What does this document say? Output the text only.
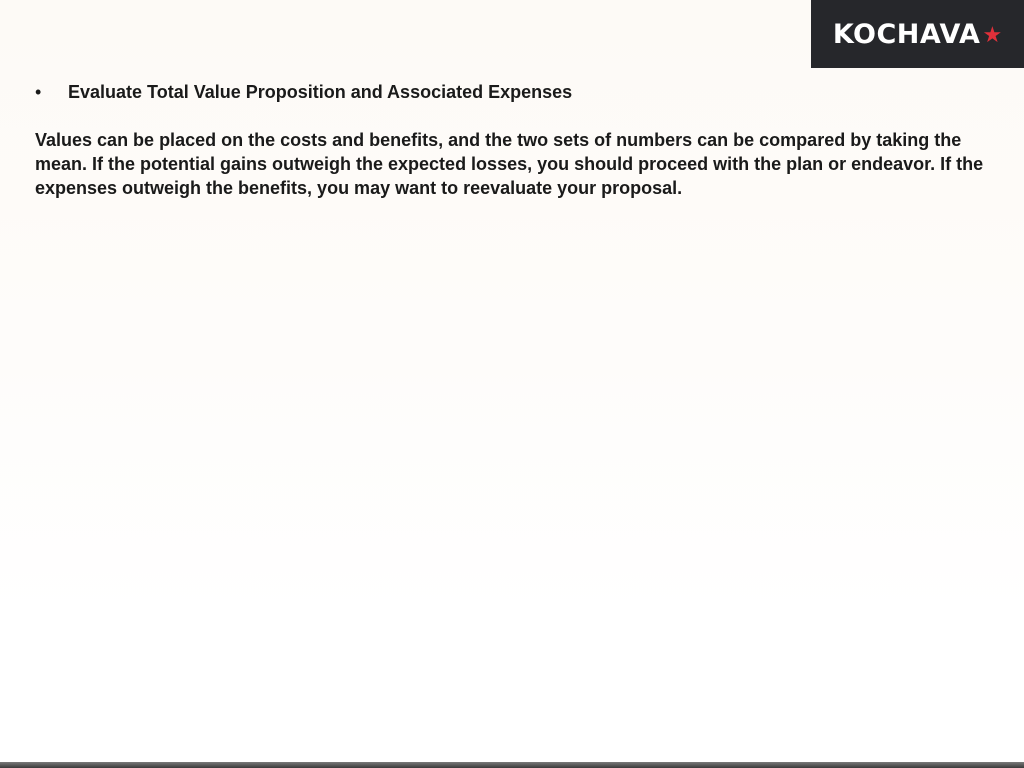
KOCHAVA ★
•	Evaluate Total Value Proposition and Associated Expenses
Values can be placed on the costs and benefits, and the two sets of numbers can be compared by taking the mean. If the potential gains outweigh the expected losses, you should proceed with the plan or endeavor. If the expenses outweigh the benefits, you may want to reevaluate your proposal.
